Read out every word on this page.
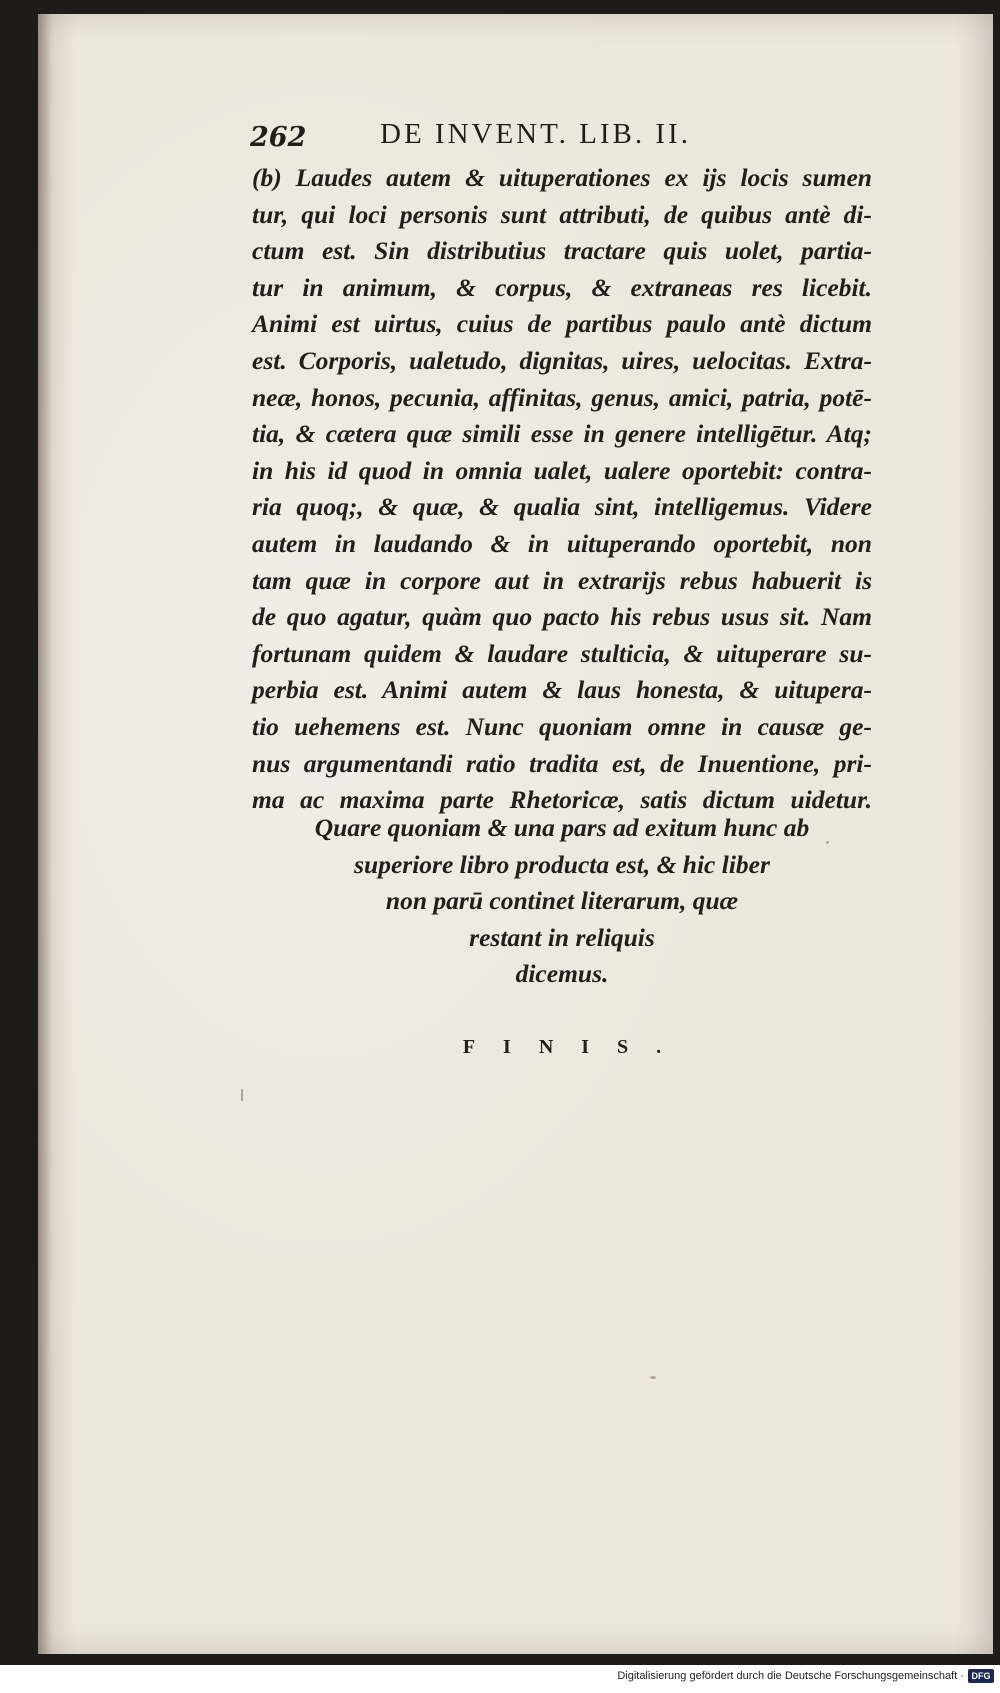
262	DE INVENT. LIB. II.
(b) Laudes autem & uituperationes ex ijs locis sumen
tur, qui loci personis sunt attributi, de quibus antè di-
ctum est. Sin distributius tractare quis uolet, partia-
tur in animum, & corpus, & extraneas res licebit.
Animi est uirtus, cuius de partibus paulo antè dictum
est. Corporis, ualetudo, dignitas, uires, uelocitas. Extra-
neæ, honos, pecunia, affinitas, genus, amici, patria, potē-
tia, & cætera quæ simili esse in genere intelligētur. Atq;
in his id quod in omnia ualet, ualere oportebit: contra-
ria quoq;, & quæ, & qualia sint, intelligemus. Videre
autem in laudando & in uituperando oportebit, non
tam quæ in corpore aut in extrarijs rebus habuerit is
de quo agatur, quàm quo pacto his rebus usus sit. Nam
fortunam quidem & laudare stulticia, & uituperare su-
perbia est. Animi autem & laus honesta, & uitupera-
tio uehemens est. Nunc quoniam omne in causæ ge-
nus argumentandi ratio tradita est, de Inuentione, pri-
ma ac maxima parte Rhetoricæ, satis dictum uidetur.
Quare quoniam & una pars ad exitum hunc ab
superiore libro producta est, & hic liber
non parū continet literarum, quæ
restant in reliquis
dicemus.
FINIS.
Digitalisierung gefördert durch die Deutsche Forschungsgemeinschaft · DFG
